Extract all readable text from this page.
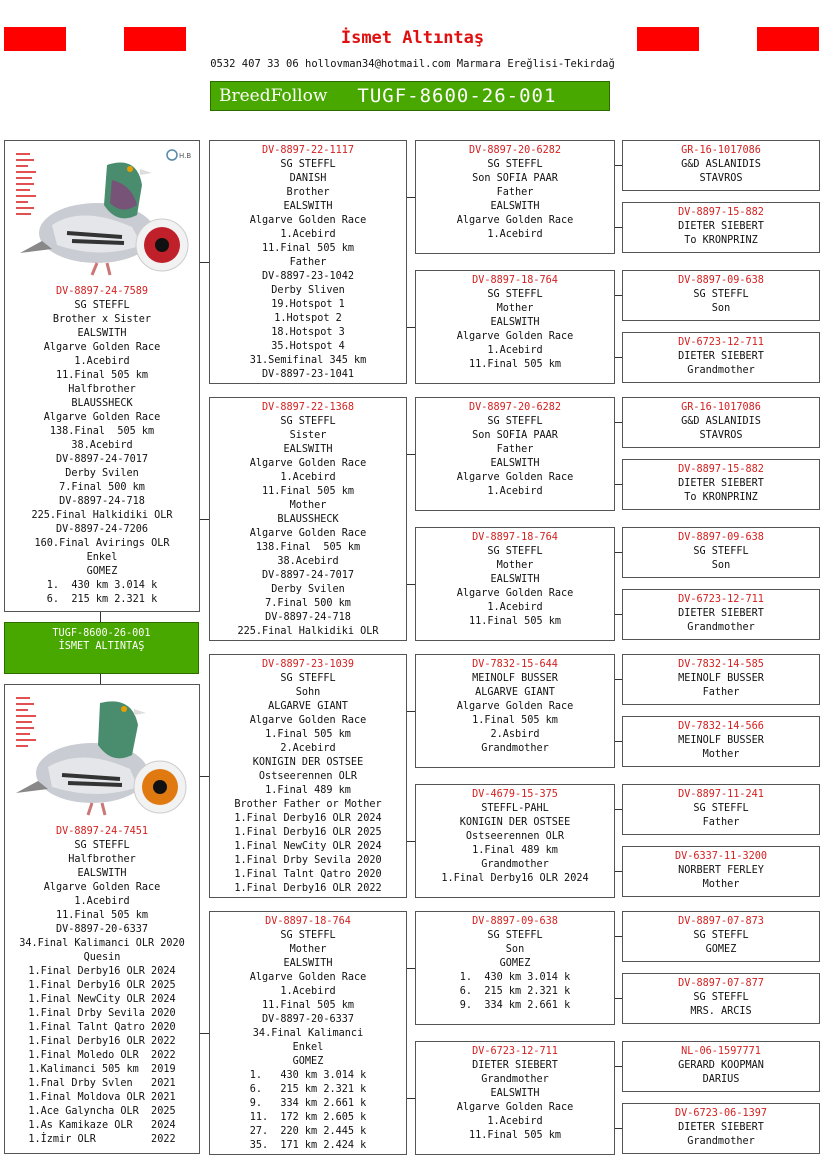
İsmet Altıntaş
0532 407 33 06 hollovman34@hotmail.com Marmara Ereğlisi-Tekirdağ
BreedFollow TUGF-8600-26-001
H.B
DV-8897-24-7589
SG STEFFL
Brother x Sister
EALSWITH
Algarve Golden Race
1.Acebird
11.Final 505 km
Halfbrother
BLAUSSHECK
Algarve Golden Race
138.Final  505 km
38.Acebird
DV-8897-24-7017
Derby Svilen
7.Final 500 km
DV-8897-24-718
225.Final Halkidiki OLR
DV-8897-24-7206
160.Final Avirings OLR
Enkel
GOMEZ
1.  430 km 3.014 k
6.  215 km 2.321 k
TUGF-8600-26-001
İSMET ALTINTAŞ
DV-8897-24-7451
SG STEFFL
Halfbrother
EALSWITH
Algarve Golden Race
1.Acebird
11.Final 505 km
DV-8897-20-6337
34.Final Kalimanci OLR 2020
Quesin
1.Final Derby16 OLR 2024
1.Final Derby16 OLR 2025
1.Final NewCity OLR 2024
1.Final Drby Sevila 2020
1.Final Talnt Qatro 2020
1.Final Derby16 OLR 2022
1.Final Moledo OLR  2022
1.Kalimanci 505 km  2019
1.Fnal Drby Svlen   2021
1.Final Moldova OLR 2021
1.Ace Galyncha OLR  2025
1.As Kamikaze OLR   2024
1.İzmir OLR         2022
DV-8897-22-1117
SG STEFFL
DANISH
Brother
EALSWITH
Algarve Golden Race
1.Acebird
11.Final 505 km
Father
DV-8897-23-1042
Derby Sliven
19.Hotspot 1
1.Hotspot 2
18.Hotspot 3
35.Hotspot 4
31.Semifinal 345 km
DV-8897-23-1041
DV-8897-22-1368
SG STEFFL
Sister
EALSWITH
Algarve Golden Race
1.Acebird
11.Final 505 km
Mother
BLAUSSHECK
Algarve Golden Race
138.Final  505 km
38.Acebird
DV-8897-24-7017
Derby Svilen
7.Final 500 km
DV-8897-24-718
225.Final Halkidiki OLR
DV-8897-23-1039
SG STEFFL
Sohn
ALGARVE GIANT
Algarve Golden Race
1.Final 505 km
2.Acebird
KONIGIN DER OSTSEE
Ostseerennen OLR
1.Final 489 km
Brother Father or Mother
1.Final Derby16 OLR 2024
1.Final Derby16 OLR 2025
1.Final NewCity OLR 2024
1.Final Drby Sevila 2020
1.Final Talnt Qatro 2020
1.Final Derby16 OLR 2022
DV-8897-18-764
SG STEFFL
Mother
EALSWITH
Algarve Golden Race
1.Acebird
11.Final 505 km
DV-8897-20-6337
34.Final Kalimanci
Enkel
GOMEZ
1.   430 km 3.014 k
6.   215 km 2.321 k
9.   334 km 2.661 k
11.  172 km 2.605 k
27.  220 km 2.445 k
35.  171 km 2.424 k
DV-8897-20-6282
SG STEFFL
Son SOFIA PAAR
Father
EALSWITH
Algarve Golden Race
1.Acebird
DV-8897-18-764
SG STEFFL
Mother
EALSWITH
Algarve Golden Race
1.Acebird
11.Final 505 km
DV-8897-20-6282
SG STEFFL
Son SOFIA PAAR
Father
EALSWITH
Algarve Golden Race
1.Acebird
DV-8897-18-764
SG STEFFL
Mother
EALSWITH
Algarve Golden Race
1.Acebird
11.Final 505 km
DV-7832-15-644
MEINOLF BUSSER
ALGARVE GIANT
Algarve Golden Race
1.Final 505 km
2.Asbird
Grandmother
DV-4679-15-375
STEFFL-PAHL
KONIGIN DER OSTSEE
Ostseerennen OLR
1.Final 489 km
Grandmother
1.Final Derby16 OLR 2024
DV-8897-09-638
SG STEFFL
Son
GOMEZ
1.  430 km 3.014 k
6.  215 km 2.321 k
9.  334 km 2.661 k
DV-6723-12-711
DIETER SIEBERT
Grandmother
EALSWITH
Algarve Golden Race
1.Acebird
11.Final 505 km
GR-16-1017086
G&D ASLANIDIS
STAVROS
DV-8897-15-882
DIETER SIEBERT
To KRONPRINZ
DV-8897-09-638
SG STEFFL
Son
DV-6723-12-711
DIETER SIEBERT
Grandmother
GR-16-1017086
G&D ASLANIDIS
STAVROS
DV-8897-15-882
DIETER SIEBERT
To KRONPRINZ
DV-8897-09-638
SG STEFFL
Son
DV-6723-12-711
DIETER SIEBERT
Grandmother
DV-7832-14-585
MEINOLF BUSSER
Father
DV-7832-14-566
MEINOLF BUSSER
Mother
DV-8897-11-241
SG STEFFL
Father
DV-6337-11-3200
NORBERT FERLEY
Mother
DV-8897-07-873
SG STEFFL
GOMEZ
DV-8897-07-877
SG STEFFL
MRS. ARCIS
NL-06-1597771
GERARD KOOPMAN
DARIUS
DV-6723-06-1397
DIETER SIEBERT
Grandmother
